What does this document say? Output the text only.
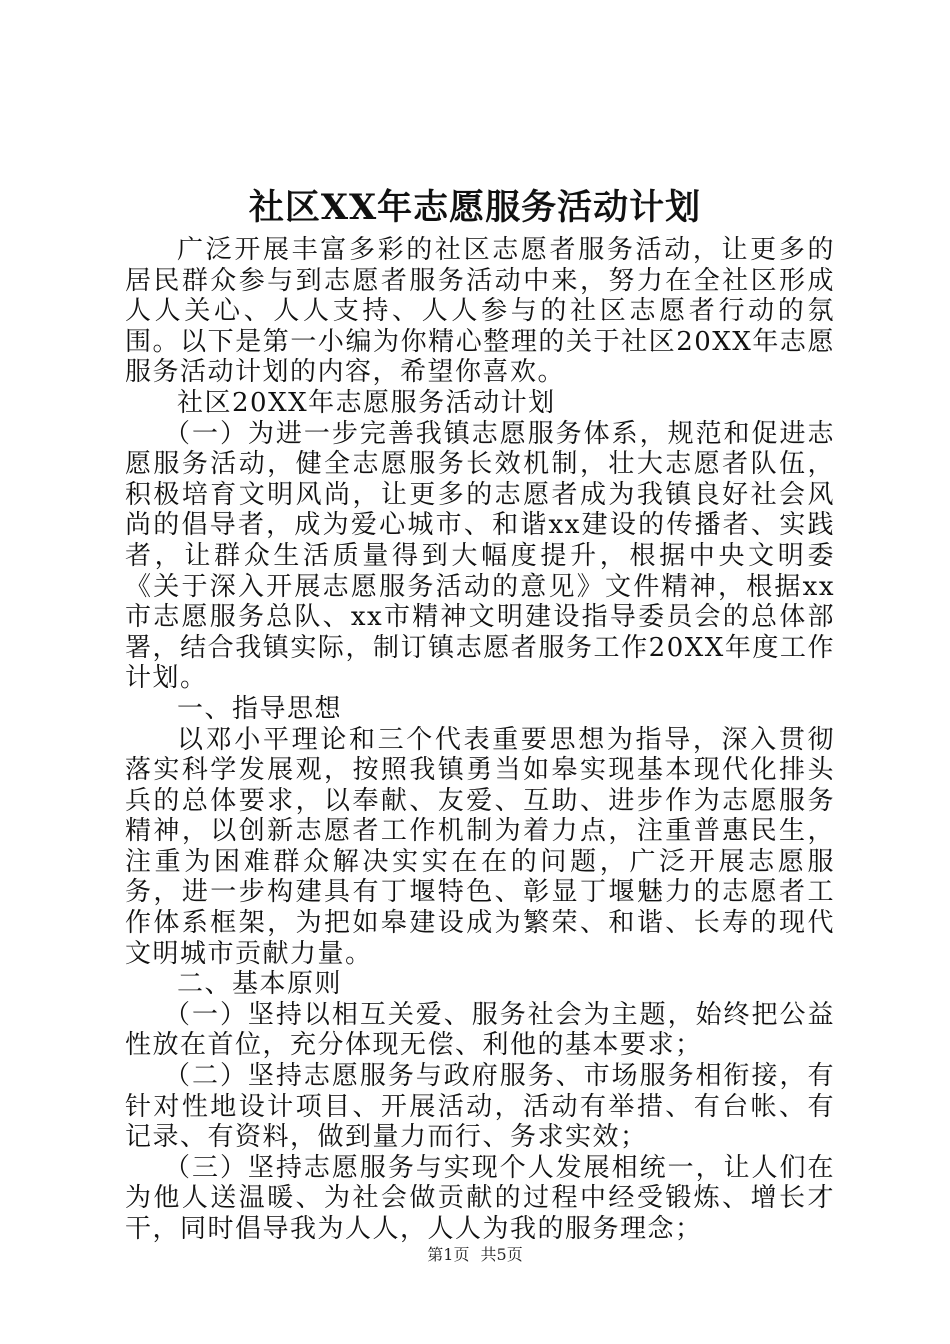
社区XX年志愿服务活动计划

广泛开展丰富多彩的社区志愿者服务活动，让更多的居民群众参与到志愿者服务活动中来，努力在全社区形成人人关心、人人支持、人人参与的社区志愿者行动的氛围。以下是第一小编为你精心整理的关于社区20XX年志愿服务活动计划的内容，希望你喜欢。

社区20XX年志愿服务活动计划

（一）为进一步完善我镇志愿服务体系，规范和促进志愿服务活动，健全志愿服务长效机制，壮大志愿者队伍，积极培育文明风尚，让更多的志愿者成为我镇良好社会风尚的倡导者，成为爱心城市、和谐xx建设的传播者、实践者，让群众生活质量得到大幅度提升，根据中央文明委《关于深入开展志愿服务活动的意见》文件精神，根据xx市志愿服务总队、xx市精神文明建设指导委员会的总体部署，结合我镇实际，制订镇志愿者服务工作20XX年度工作计划。

一、指导思想

以邓小平理论和三个代表重要思想为指导，深入贯彻落实科学发展观，按照我镇勇当如皋实现基本现代化排头兵的总体要求，以奉献、友爱、互助、进步作为志愿服务精神，以创新志愿者工作机制为着力点，注重普惠民生，注重为困难群众解决实实在在的问题，广泛开展志愿服务，进一步构建具有丁堰特色、彰显丁堰魅力的志愿者工作体系框架，为把如皋建设成为繁荣、和谐、长寿的现代文明城市贡献力量。

二、基本原则

（一）坚持以相互关爱、服务社会为主题，始终把公益性放在首位，充分体现无偿、利他的基本要求；

（二）坚持志愿服务与政府服务、市场服务相衔接，有针对性地设计项目、开展活动，活动有举措、有台帐、有记录、有资料，做到量力而行、务求实效；

（三）坚持志愿服务与实现个人发展相统一，让人们在为他人送温暖、为社会做贡献的过程中经受锻炼、增长才干，同时倡导我为人人，人人为我的服务理念；

第1页 共5页
